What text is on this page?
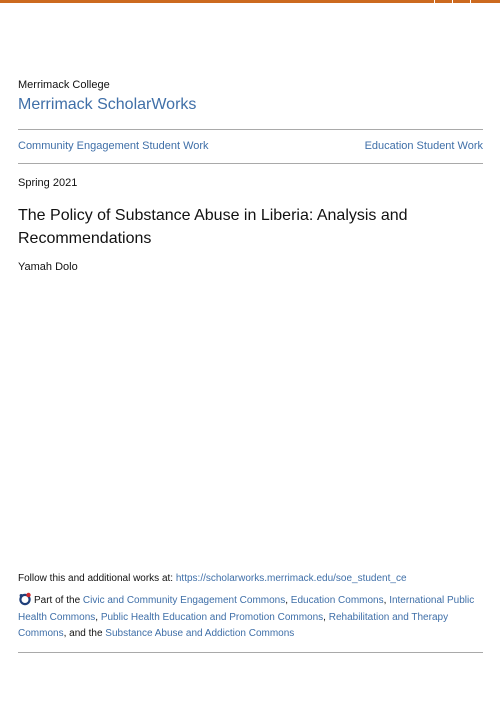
Merrimack College
Merrimack ScholarWorks
Community Engagement Student Work	Education Student Work
Spring 2021
The Policy of Substance Abuse in Liberia: Analysis and Recommendations
Yamah Dolo
Follow this and additional works at: https://scholarworks.merrimack.edu/soe_student_ce
Part of the Civic and Community Engagement Commons, Education Commons, International Public Health Commons, Public Health Education and Promotion Commons, Rehabilitation and Therapy Commons, and the Substance Abuse and Addiction Commons
